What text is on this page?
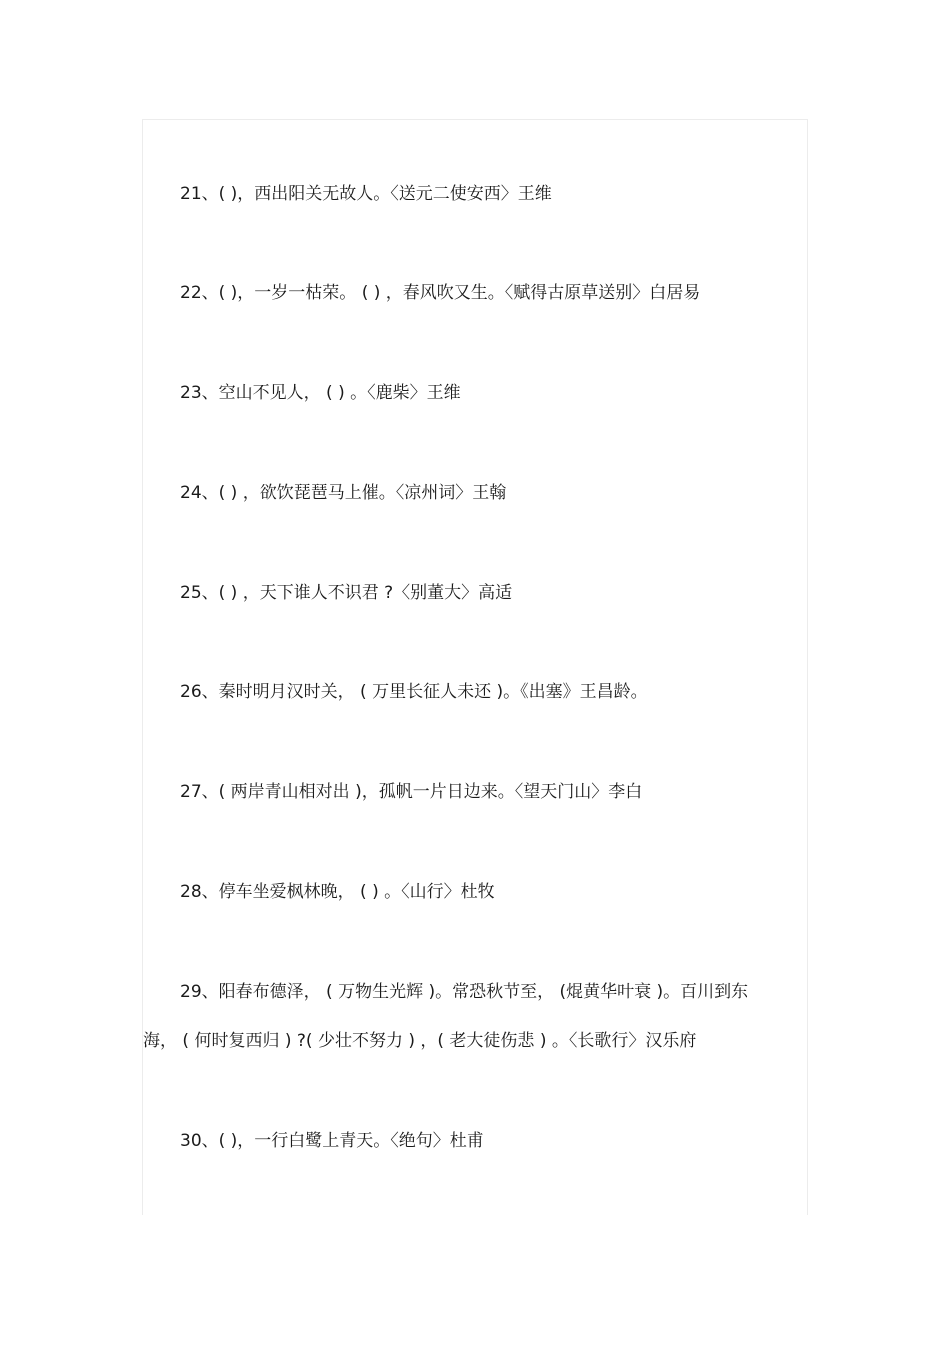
21、( )，西出阳关无故人。〈送元二使安西〉王维
22、( )，一岁一枯荣。 ( ) ，春风吹又生。〈赋得古原草送别〉白居易
23、空山不见人， ( ) 。〈鹿柴〉王维
24、( ) ，欲饮琵琶马上催。〈凉州词〉王翰
25、( ) ，天下谁人不识君 ?〈别董大〉高适
26、秦时明月汉时关， ( 万里长征人未还 )。《出塞》王昌龄。
27、( 两岸青山相对出 )，孤帆一片日边来。〈望天门山〉李白
28、停车坐爱枫林晚， ( ) 。〈山行〉杜牧
29、阳春布德泽， ( 万物生光辉 )。常恐秋节至， (焜黄华叶衰 )。百川到东
海， ( 何时复西归 ) ?( 少壮不努力 ) ，( 老大徒伤悲 ) 。〈长歌行〉汉乐府
30、( )，一行白鹭上青天。〈绝句〉杜甫
